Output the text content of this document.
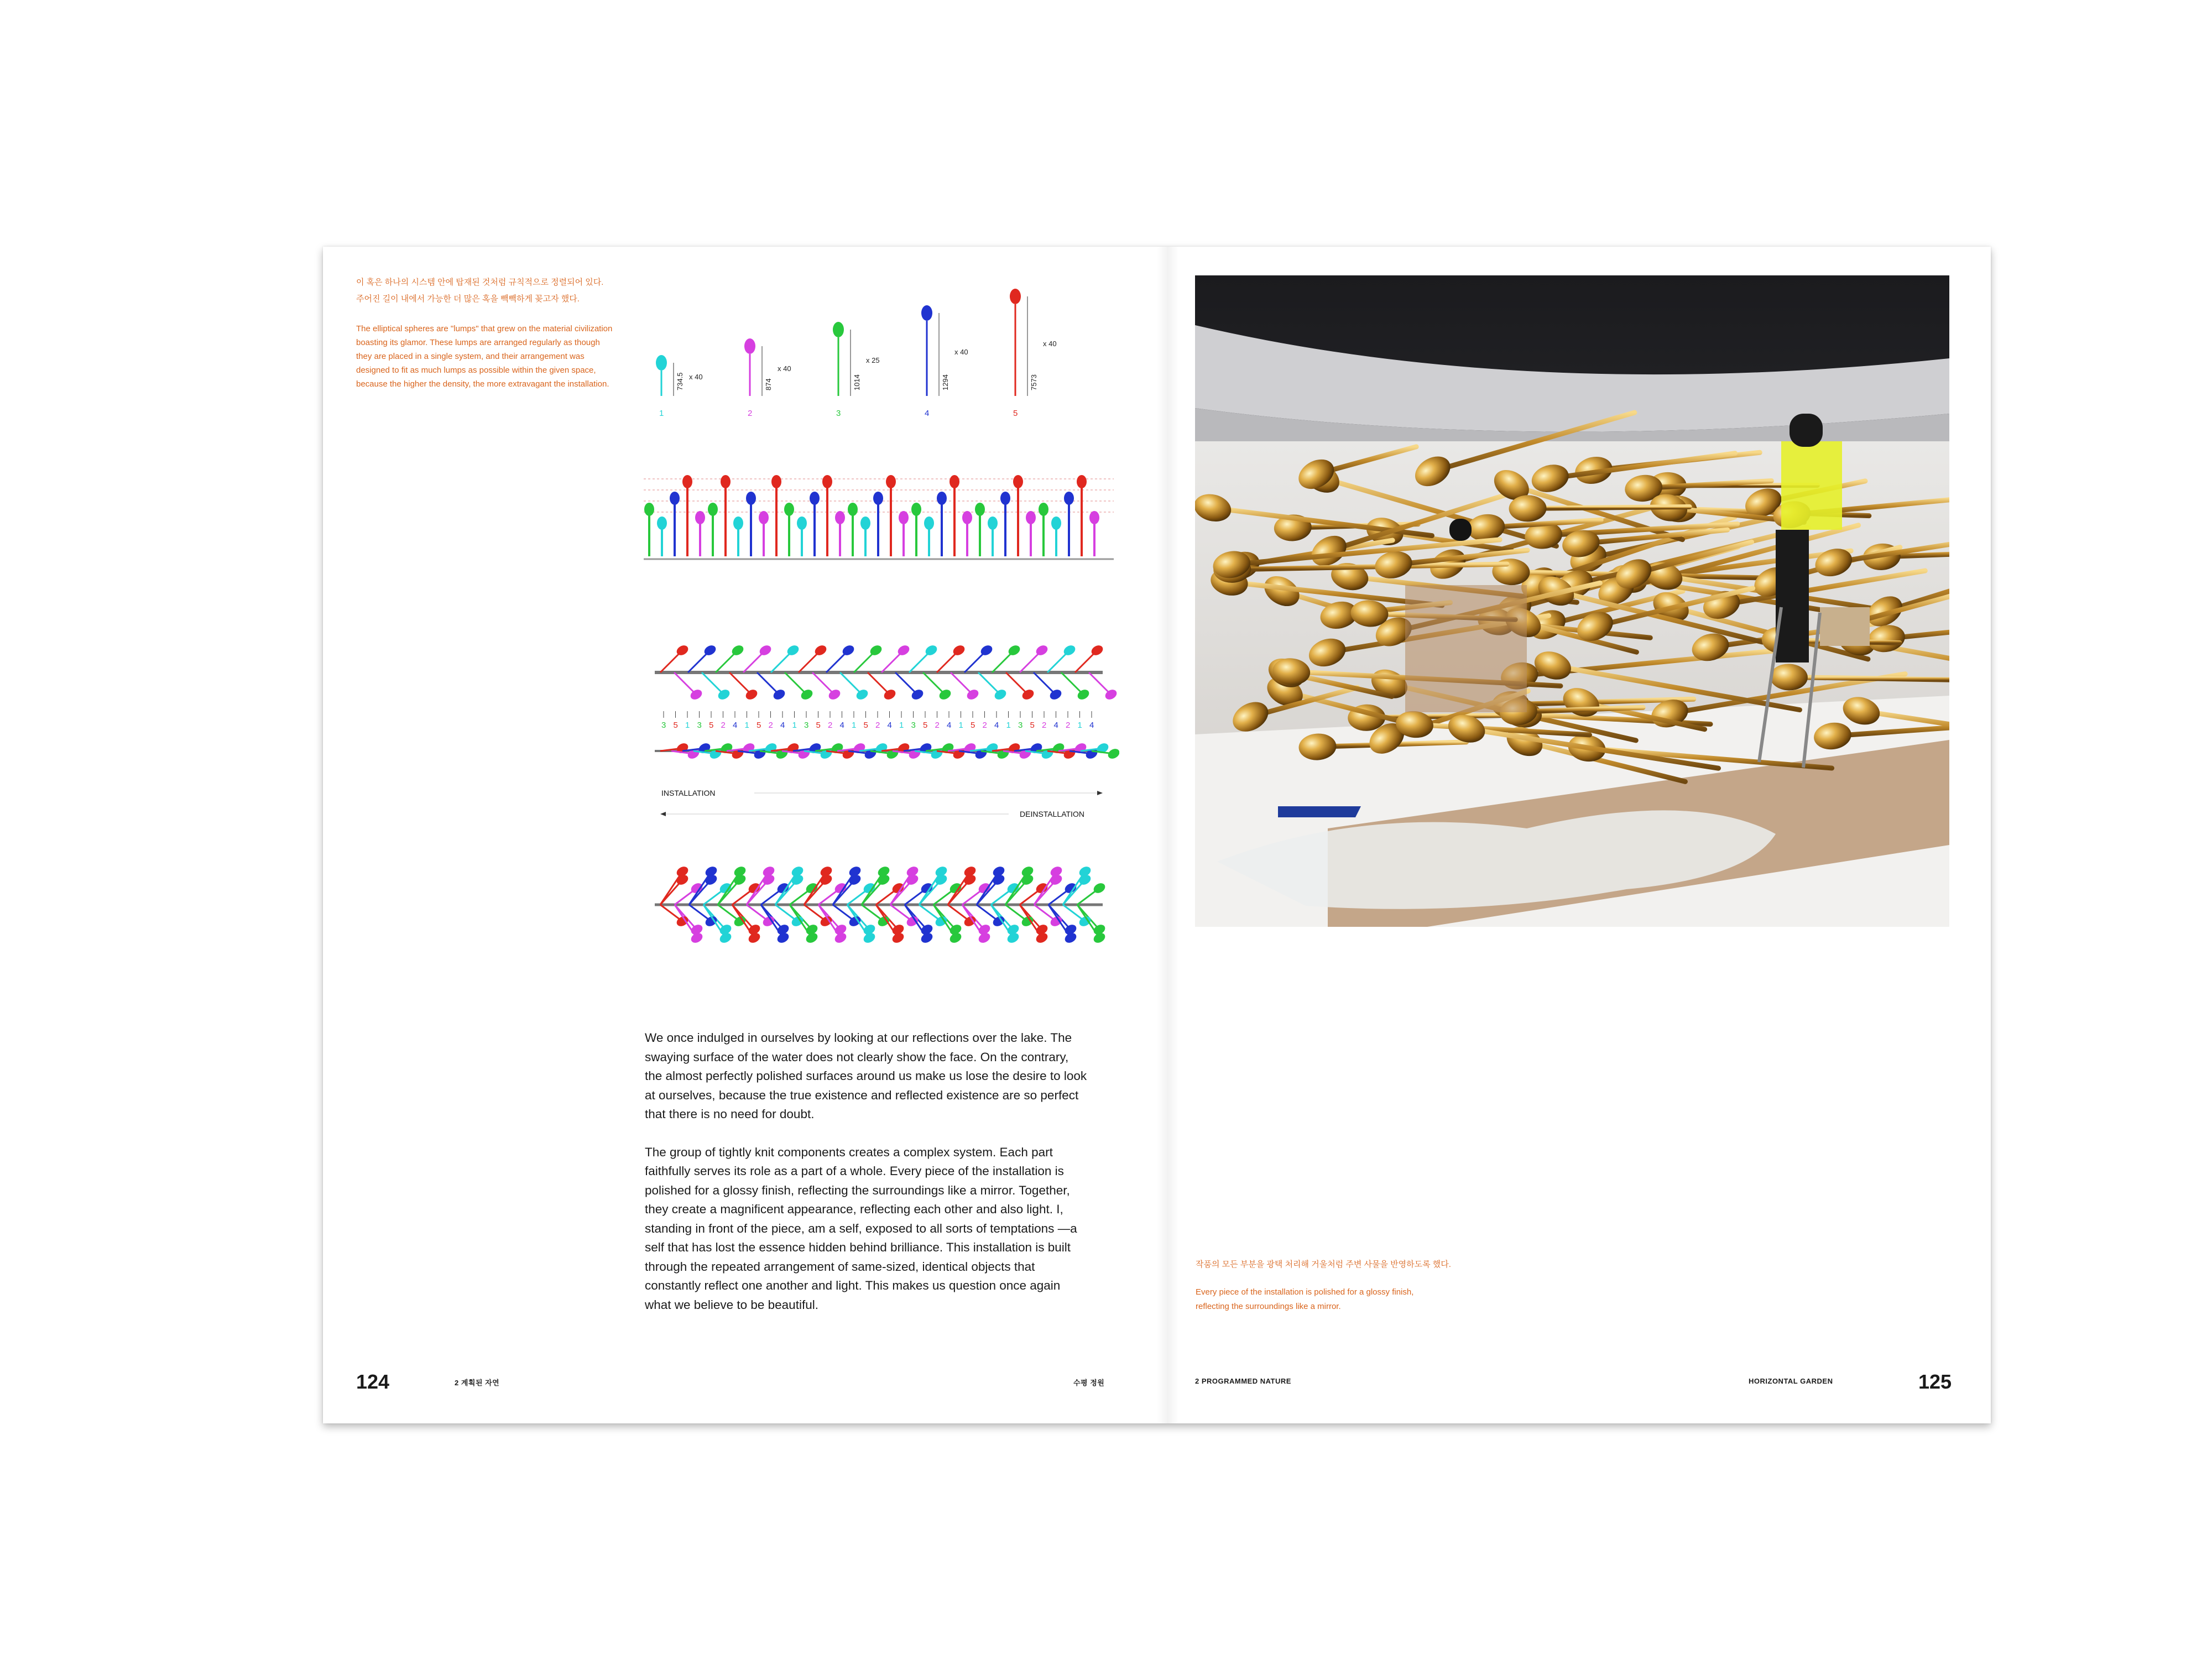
이 혹은 하나의 시스템 안에 탑재된 것처럼 규칙적으로 정렬되어 있다.
주어진 길이 내에서 가능한 더 많은 혹을 빽빽하게 꽂고자 했다.
The elliptical spheres are "lumps" that grew on the material civilization boasting its glamor. These lumps are arranged regularly as though they are placed in a single system, and their arrangement was designed to fit as much lumps as possible within the given space, because the higher the density, the more extravagant the installation.	734.5 x 40
1
874
x 40
2
1014
x 25
3
1294
x 40
4
7573
x 40
5
3 5 1 3 5 2 4 1 5 2 4 1 3 5 2 4 1 5 2 4 1 3 5 2 4 1 5 2 4 1 3 5 2 4 2 1 4
INSTALLATION
DEINSTALLATION

We once indulged in ourselves by looking at our reflections over the lake. The swaying surface of the water does not clearly show the face. On the contrary, the almost perfectly polished surfaces around us make us lose the desire to look at ourselves, because the true existence and reflected existence are so perfect that there is no need for doubt.

The group of tightly knit components creates a complex system. Each part faithfully serves its role as a part of a whole. Every piece of the installation is polished for a glossy finish, reflecting the surroundings like a mirror. Together, they create a magnificent appearance, reflecting each other and also light. I, standing in front of the piece, am a self, exposed to all sorts of temptations —a self that has lost the essence hidden behind brilliance. This installation is built through the repeated arrangement of same-sized, identical objects that constantly reflect one another and light. This makes us question once again what we believe to be beautiful.

124	2 계획된 자연	수평 정원
작품의 모든 부분을 광택 처리해 거울처럼 주변 사물을 반영하도록 했다.
Every piece of the installation is polished for a glossy finish,
reflecting the surroundings like a mirror.
2 PROGRAMMED NATURE	HORIZONTAL GARDEN	125
